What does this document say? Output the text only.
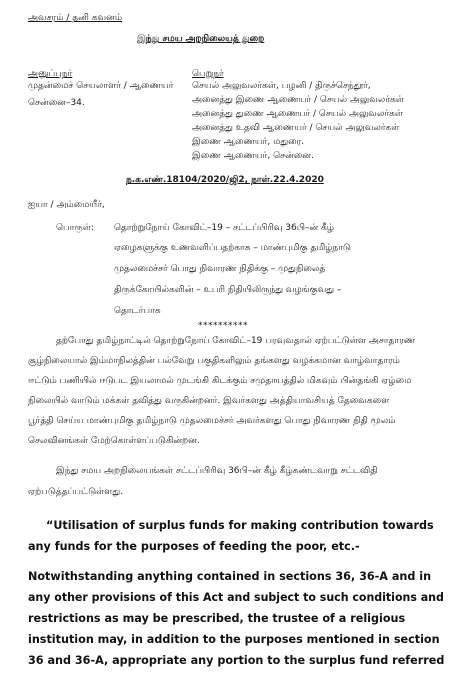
அவசரம் / தனி கவனம்
இந்து சமய அறநிலையத் துறை
அனுப்புநர்
முதன்மைச் செயலாளர் / ஆணையர்
சென்னை–34.
பெறுநர்
செயல் அலுவலர்கள், பழனி / திருச்செந்தூர்,
அனைத்து இணை ஆணையர் / செயல் அலுவலர்கள்
அனைத்து துணை ஆணையர் / செயல் அலுவலர்கள்
அனைத்து உதவி ஆணையர் / செயல் அலுவலர்கள்
இணை ஆணையர், மதுரை.
இணை ஆணையர், சென்னை.
ந.க.எண்.18104/2020/ஜி2, நாள்.22.4.2020
ஐயா / அம்மையீர்,
பொருள்: தொற்றுநோய் கோவிட்–19 – சட்டப்பிரிவு 36பி–ன் கீழ்
ஏழைகளுக்கு உணவளிப்பதற்காக – மாண்புமிகு தமிழ்நாடு
முதலமைச்சர் பொது நிவாரண நிதிக்கு – முதுநிலைத்
திருக்கோயில்களின் – உபரி நிதியிலிருந்து வழங்குவது –
தொடர்பாக
**********
தற்போது தமிழ்நாட்டில் தொற்றுநோய் கோவிட்–19 பரவுவதால் ஏற்பட்டுள்ள அசாதாரண
சூழ்நிலையால் இம்மாநிலத்தின் பல்வேறு பகுதிகளிலும் தங்களது வழக்கமான வாழ்வாதாரம்
ஈட்டும் பணியில் ஈடுபட இயலாமல் முடங்கி கிடக்கும் சமுதாயத்தில் மிகவும் பின்தங்கி ஏழ்மை
நிலையில் வாடும் மக்கள் தவித்து வருகின்றனர். இவர்களது அத்தியாவசியத் தேவைகளை
பூர்த்தி செய்ய மாண்புமிகு தமிழ்நாடு முதலமைச்சர் அவர்களது பொது நிவாரண நிதி மூலம்
செலவினங்கள் மேற்கொள்ளப்படுகின்றன.
இந்து சமய அறநிலையங்கள் சட்டப்பிரிவு 36பி–ன் கீழ் கீழ்கண்டவாறு சட்டவிதி
ஏற்படுத்தப்பட்டுள்ளது.
“Utilisation of surplus funds for making contribution towards
any funds for the purposes of feeding the poor, etc.-
Notwithstanding anything contained in sections 36, 36-A and in
any other provisions of this Act and subject to such conditions and
restrictions as may be prescribed, the trustee of a religious
institution may, in addition to the purposes mentioned in section
36 and 36-A, appropriate any portion to the surplus fund referred
